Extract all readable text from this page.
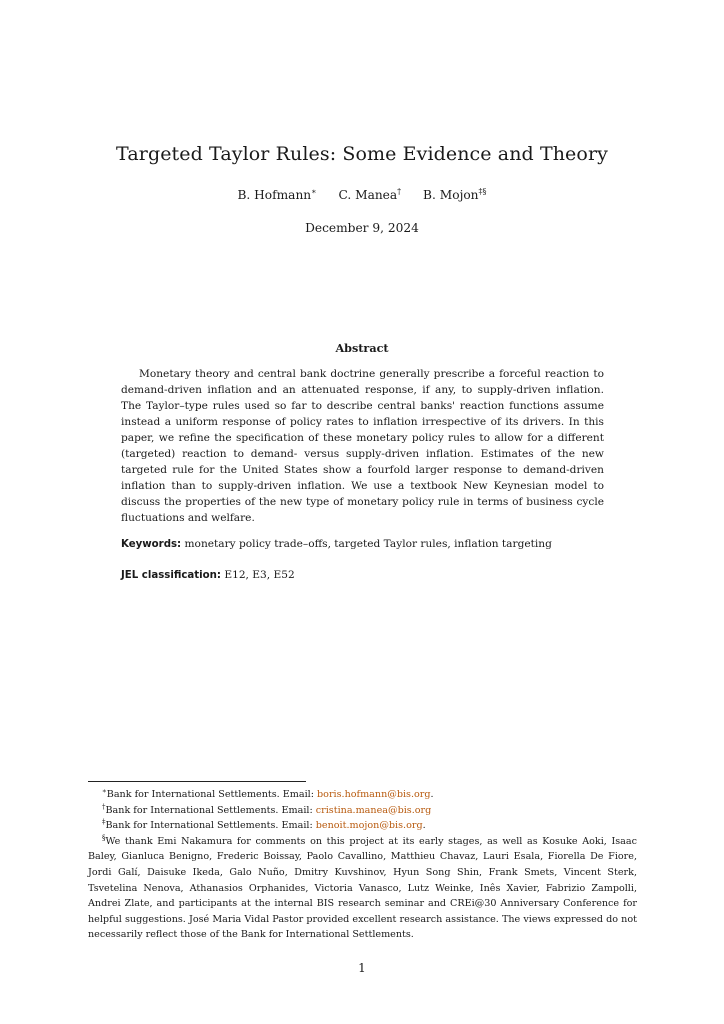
Targeted Taylor Rules: Some Evidence and Theory
B. Hofmann∗ C. Manea† B. Mojon‡§
December 9, 2024
Abstract
Monetary theory and central bank doctrine generally prescribe a forceful reaction to demand-driven inflation and an attenuated response, if any, to supply-driven inflation. The Taylor–type rules used so far to describe central banks' reaction functions assume instead a uniform response of policy rates to inflation irrespective of its drivers. In this paper, we refine the specification of these monetary policy rules to allow for a different (targeted) reaction to demand- versus supply-driven inflation. Estimates of the new targeted rule for the United States show a fourfold larger response to demand-driven inflation than to supply-driven inflation. We use a textbook New Keynesian model to discuss the properties of the new type of monetary policy rule in terms of business cycle fluctuations and welfare.
Keywords: monetary policy trade–offs, targeted Taylor rules, inflation targeting
JEL classification: E12, E3, E52
∗Bank for International Settlements. Email: boris.hofmann@bis.org.
†Bank for International Settlements. Email: cristina.manea@bis.org
‡Bank for International Settlements. Email: benoit.mojon@bis.org.
§We thank Emi Nakamura for comments on this project at its early stages, as well as Kosuke Aoki, Isaac Baley, Gianluca Benigno, Frederic Boissay, Paolo Cavallino, Matthieu Chavaz, Lauri Esala, Fiorella De Fiore, Jordi Galí, Daisuke Ikeda, Galo Nuño, Dmitry Kuvshinov, Hyun Song Shin, Frank Smets, Vincent Sterk, Tsvetelina Nenova, Athanasios Orphanides, Victoria Vanasco, Lutz Weinke, Inês Xavier, Fabrizio Zampolli, Andrei Zlate, and participants at the internal BIS research seminar and CREi@30 Anniversary Conference for helpful suggestions. José Maria Vidal Pastor provided excellent research assistance. The views expressed do not necessarily reflect those of the Bank for International Settlements.
1
